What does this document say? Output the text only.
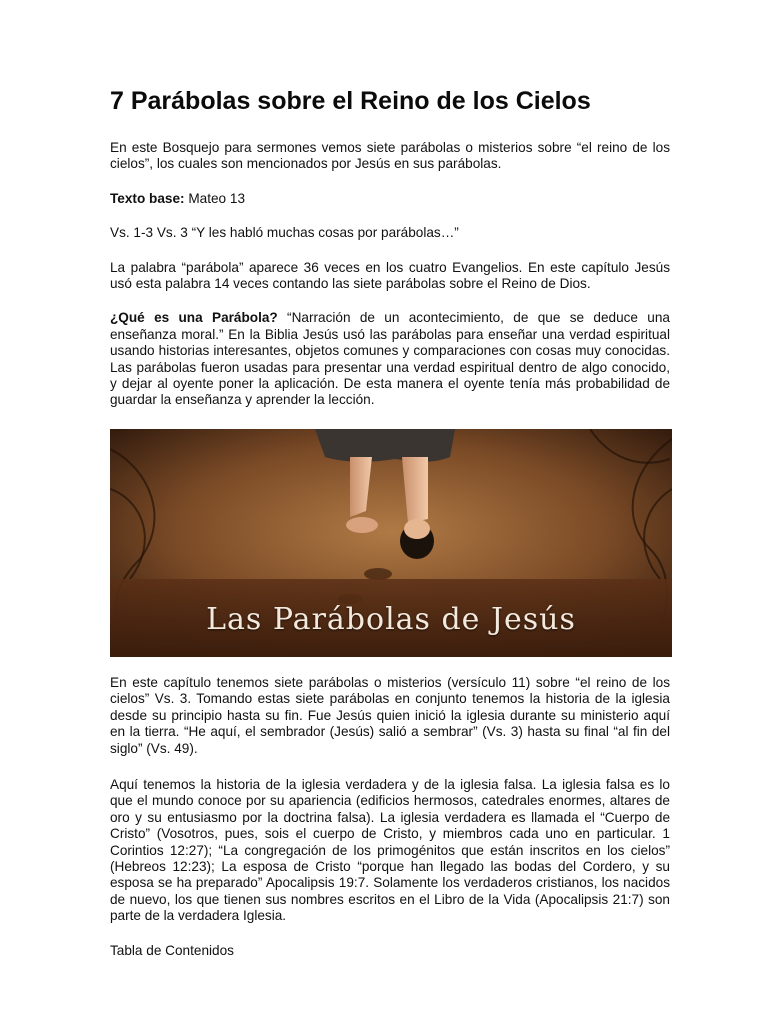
7 Parábolas sobre el Reino de los Cielos

En este Bosquejo para sermones vemos siete parábolas o misterios sobre “el reino de los cielos”, los cuales son mencionados por Jesús en sus parábolas.

Texto base: Mateo 13

Vs. 1-3 Vs. 3 “Y les habló muchas cosas por parábolas…”

La palabra “parábola” aparece 36 veces en los cuatro Evangelios. En este capítulo Jesús usó esta palabra 14 veces contando las siete parábolas sobre el Reino de Dios.

¿Qué es una Parábola? “Narración de un acontecimiento, de que se deduce una enseñanza moral.” En la Biblia Jesús usó las parábolas para enseñar una verdad espiritual usando historias interesantes, objetos comunes y comparaciones con cosas muy conocidas. Las parábolas fueron usadas para presentar una verdad espiritual dentro de algo conocido, y dejar al oyente poner la aplicación. De esta manera el oyente tenía más probabilidad de guardar la enseñanza y aprender la lección.

Las Parábolas de Jesús

En este capítulo tenemos siete parábolas o misterios (versículo 11) sobre “el reino de los cielos” Vs. 3. Tomando estas siete parábolas en conjunto tenemos la historia de la iglesia desde su principio hasta su fin. Fue Jesús quien inició la iglesia durante su ministerio aquí en la tierra. “He aquí, el sembrador (Jesús) salió a sembrar” (Vs. 3) hasta su final “al fin del siglo” (Vs. 49).

Aquí tenemos la historia de la iglesia verdadera y de la iglesia falsa. La iglesia falsa es lo que el mundo conoce por su apariencia (edificios hermosos, catedrales enormes, altares de oro y su entusiasmo por la doctrina falsa). La iglesia verdadera es llamada el “Cuerpo de Cristo” (Vosotros, pues, sois el cuerpo de Cristo, y miembros cada uno en particular. 1 Corintios 12:27); “La congregación de los primogénitos que están inscritos en los cielos” (Hebreos 12:23); La esposa de Cristo “porque han llegado las bodas del Cordero, y su esposa se ha preparado” Apocalipsis 19:7. Solamente los verdaderos cristianos, los nacidos de nuevo, los que tienen sus nombres escritos en el Libro de la Vida (Apocalipsis 21:7) son parte de la verdadera Iglesia.

Tabla de Contenidos
